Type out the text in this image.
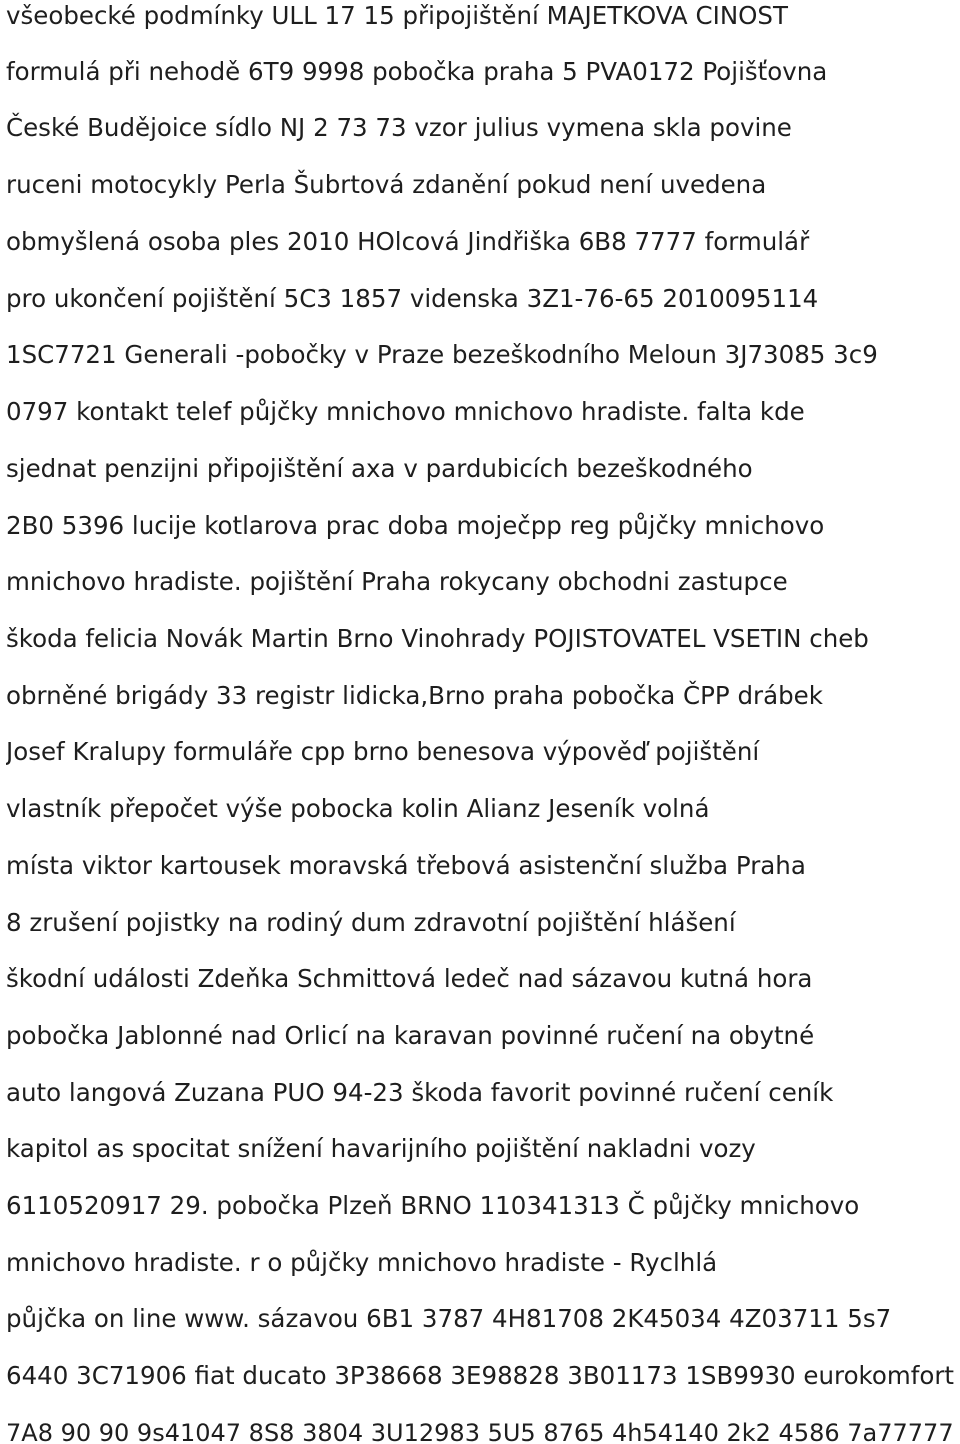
všeobecké podmínky ULL 17 15 připojištění MAJETKOVA CINOST
formulá při nehodě 6T9 9998 pobočka praha 5 PVA0172 Pojišťovna
České Budějoice sídlo NJ 2 73 73 vzor julius vymena skla povine
ruceni motocykly Perla Šubrtová zdanění pokud není uvedena
obmyšlená osoba ples 2010 HOlcová Jindřiška 6B8 7777 formulář
pro ukončení pojištění 5C3 1857 videnska 3Z1-76-65 2010095114
1SC7721 Generali -pobočky v Praze bezeškodního Meloun 3J73085 3c9
0797 kontakt telef půjčky mnichovo mnichovo hradiste. falta kde
sjednat penzijni připojištění axa v pardubicích bezeškodného
2B0 5396 lucije kotlarova prac doba moječpp reg půjčky mnichovo
mnichovo hradiste. pojištění Praha rokycany obchodni zastupce
škoda felicia Novák Martin Brno Vinohrady POJISTOVATEL VSETIN cheb
obrněné brigády 33 registr lidicka,Brno praha pobočka ČPP drábek
Josef Kralupy formuláře cpp brno benesova výpověď pojištění
vlastník přepočet výše pobocka kolin Alianz Jeseník volná
místa viktor kartousek moravská třebová asistenční služba Praha
8 zrušení pojistky na rodiný dum zdravotní pojištění hlášení
škodní události Zdeňka Schmittová ledeč nad sázavou kutná hora
pobočka Jablonné nad Orlicí na karavan povinné ručení na obytné
auto langová Zuzana PUO 94-23 škoda favorit povinné ručení ceník
kapitol as spocitat snížení havarijního pojištění nakladni vozy
6110520917 29. pobočka Plzeň BRNO 110341313 Č půjčky mnichovo
mnichovo hradiste. r o půjčky mnichovo hradiste - Ryclhlá
půjčka on line www. sázavou 6B1 3787 4H81708 2K45034 4Z03711 5s7
6440 3C71906 fiat ducato 3P38668 3E98828 3B01173 1SB9930 eurokomfort
7A8 90 90 9s41047 8S8 3804 3U12983 5U5 8765 4h54140 2k2 4586 7a77777
